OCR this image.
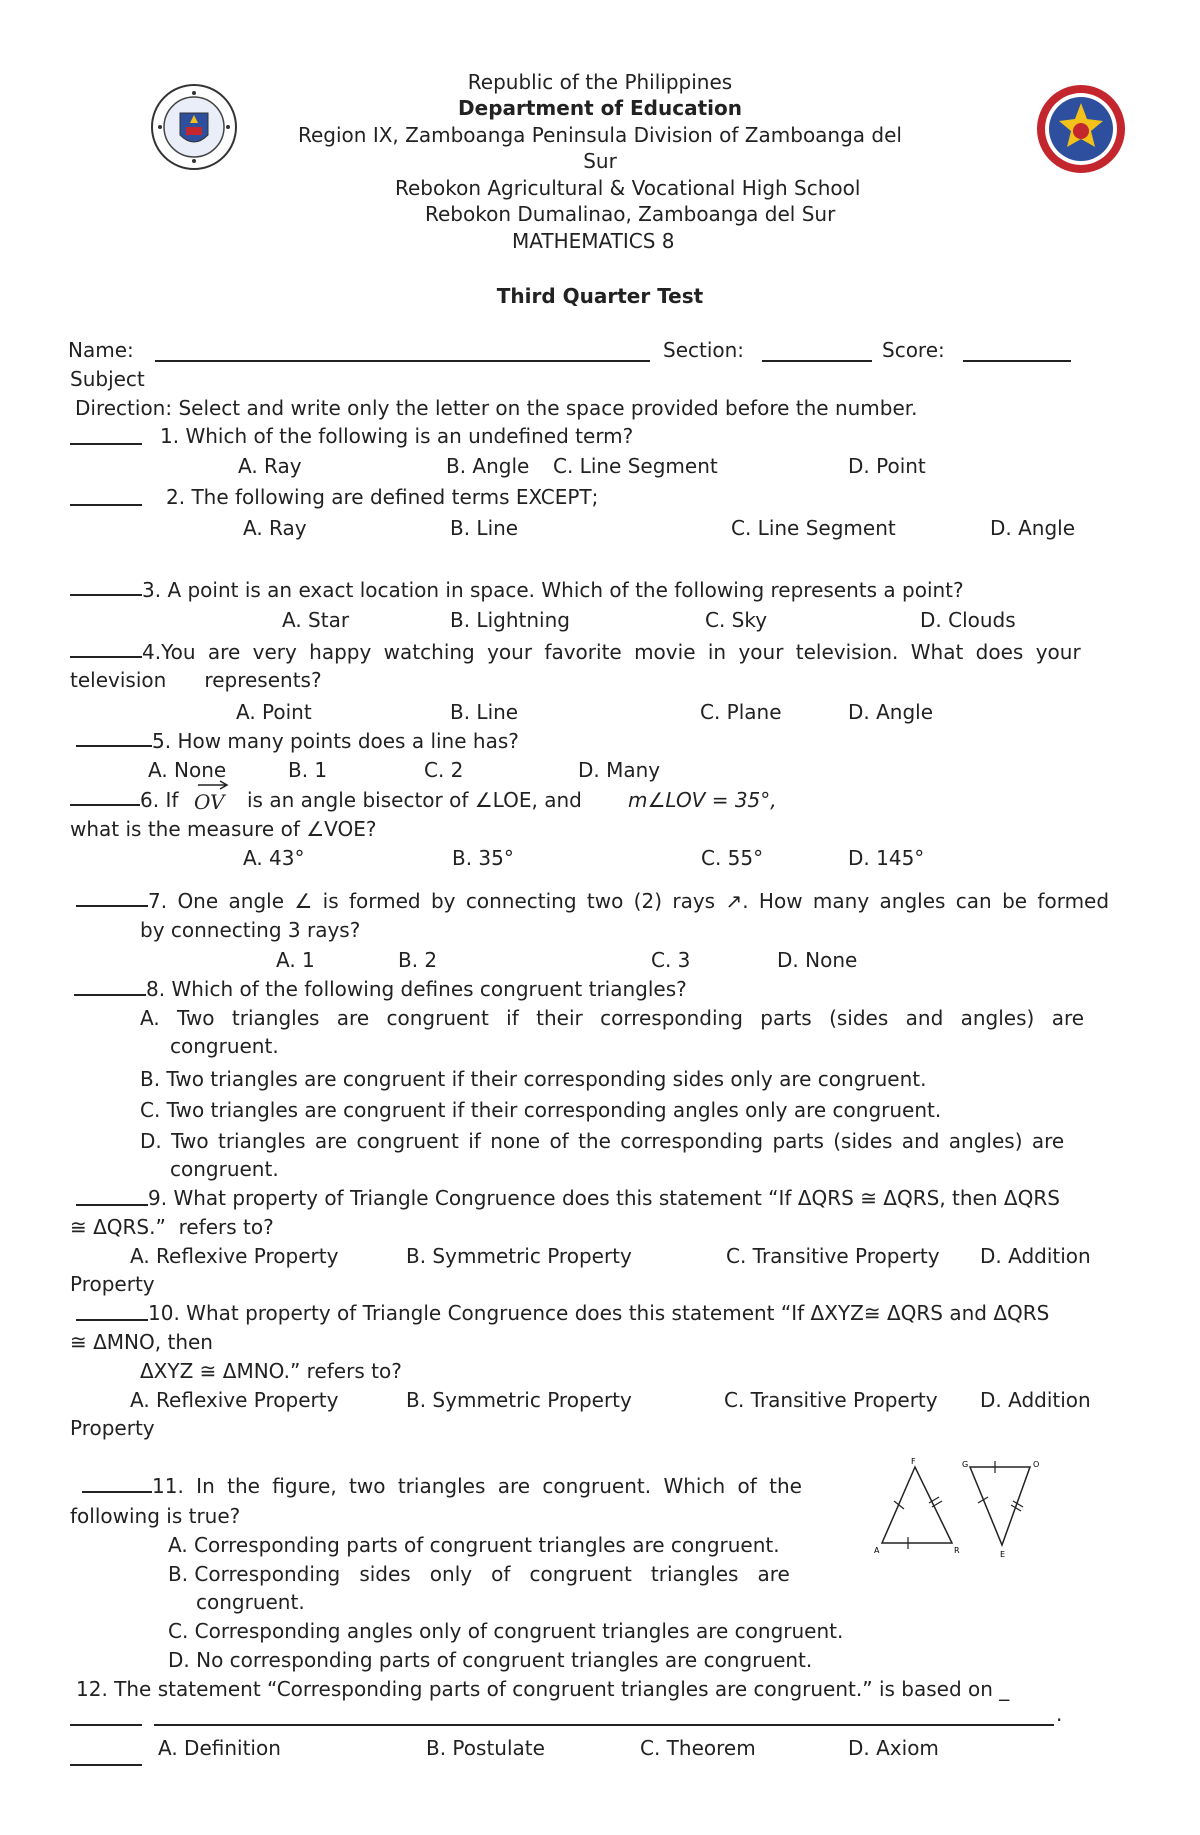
Republic of the Philippines
Department of Education
Region IX, Zamboanga Peninsula Division of Zamboanga del
Sur
Rebokon Agricultural & Vocational High School
Rebokon Dumalinao, Zamboanga del Sur
MATHEMATICS 8
Third Quarter Test
Name:	Section:	Score:
Subject
Direction: Select and write only the letter on the space provided before the number.
1. Which of the following is an undefined term?
A. Ray	B. Angle C. Line Segment	D. Point
2. The following are defined terms EXCEPT;
A. Ray	B. Line	C. Line Segment	D. Angle
3. A point is an exact location in space. Which of the following represents a point?
A. Star	B. Lightning	C. Sky	D. Clouds
4.You are very happy watching your favorite movie in your television. What does your
television      represents?
A. Point	B. Line	C. Plane	D. Angle
5. How many points does a line has?
A. None	B. 1	C. 2	D. Many
6. If OV	is an angle bisector of ∠LOE, and m∠LOV = 35°,
what is the measure of ∠VOE?
A. 43°	B. 35°	C. 55°	D. 145°
7. One angle ∠ is formed by connecting two (2) rays ↗. How many angles can be formed
by connecting 3 rays?
A. 1	B. 2	C. 3	D. None
8. Which of the following defines congruent triangles?
A. Two triangles are congruent if their corresponding parts (sides and angles) are
congruent.
B. Two triangles are congruent if their corresponding sides only are congruent.
C. Two triangles are congruent if their corresponding angles only are congruent.
D. Two triangles are congruent if none of the corresponding parts (sides and angles) are
congruent.
9. What property of Triangle Congruence does this statement “If ΔQRS ≅ ΔQRS, then ΔQRS
≅ ΔQRS.”  refers to?
A. Reflexive Property	B. Symmetric Property	C. Transitive Property D. Addition
Property
10. What property of Triangle Congruence does this statement “If ΔXYZ≅ ΔQRS and ΔQRS
≅ ΔMNO, then
ΔXYZ ≅ ΔMNO.” refers to?
A. Reflexive Property	B. Symmetric Property	C. Transitive Property D. Addition
Property
11. In the figure, two triangles are congruent. Which of the
following is true?
A. Corresponding parts of congruent triangles are congruent.
B. Corresponding   sides   only   of   congruent   triangles   are
congruent.
C. Corresponding angles only of congruent triangles are congruent.
D. No corresponding parts of congruent triangles are congruent.
F
A	R
G	O
E
12. The statement “Corresponding parts of congruent triangles are congruent.” is based on _
.
A. Definition	B. Postulate	C. Theorem	D. Axiom
